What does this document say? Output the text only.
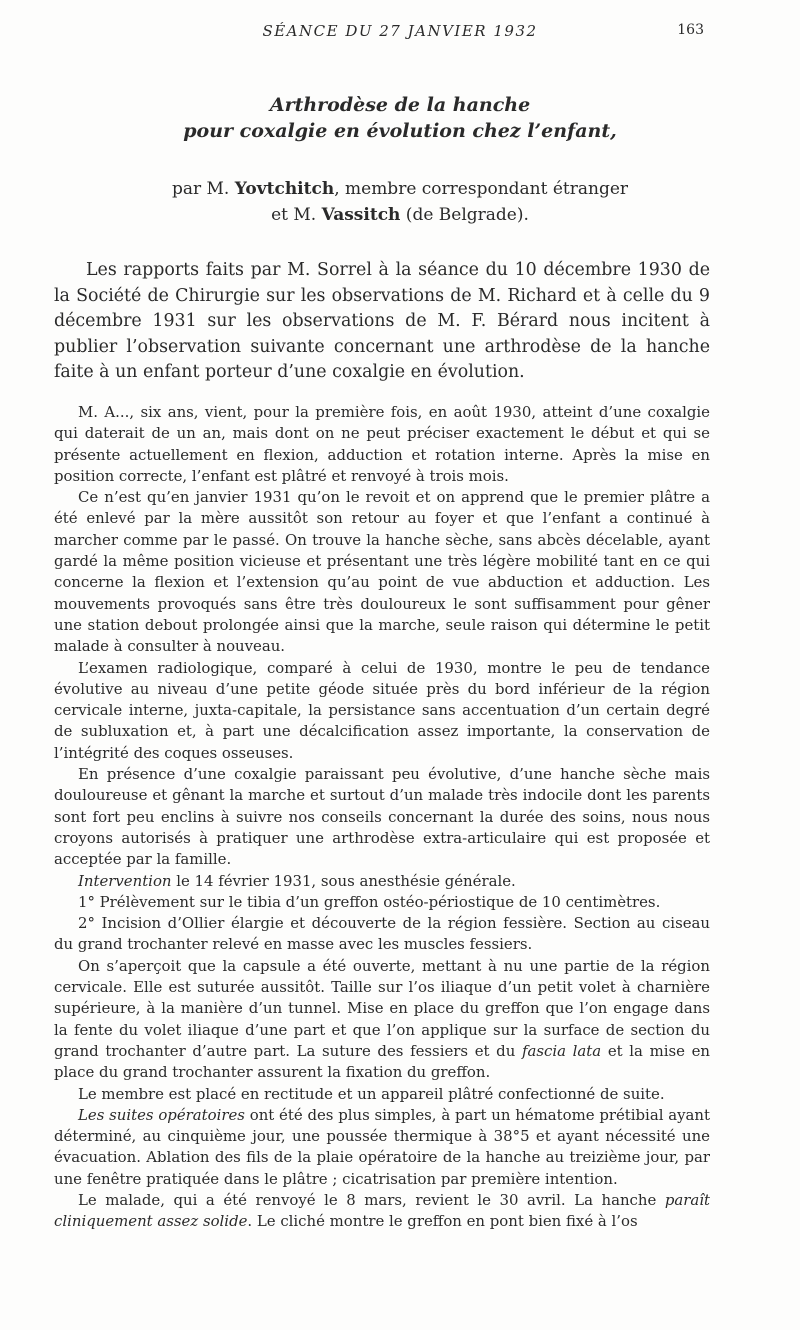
SÉANCE DU 27 JANVIER 1932	163
Arthrodèse de la hanche
pour coxalgie en évolution chez l’enfant,
par M. Yovtchitch, membre correspondant étranger
et M. Vassitch (de Belgrade).

Les rapports faits par M. Sorrel à la séance du 10 décembre 1930 de la Société de Chirurgie sur les observations de M. Richard et à celle du 9 décembre 1931 sur les observations de M. F. Bérard nous incitent à publier l’observation suivante concernant une arthrodèse de la hanche faite à un enfant porteur d’une coxalgie en évolution.

M. A..., six ans, vient, pour la première fois, en août 1930, atteint d’une coxalgie qui daterait de un an, mais dont on ne peut préciser exactement le début et qui se présente actuellement en flexion, adduction et rotation interne. Après la mise en position correcte, l’enfant est plâtré et renvoyé à trois mois.

Ce n’est qu’en janvier 1931 qu’on le revoit et on apprend que le premier plâtre a été enlevé par la mère aussitôt son retour au foyer et que l’enfant a continué à marcher comme par le passé. On trouve la hanche sèche, sans abcès décelable, ayant gardé la même position vicieuse et présentant une très légère mobilité tant en ce qui concerne la flexion et l’extension qu’au point de vue abduction et adduction. Les mouvements provoqués sans être très douloureux le sont suffisamment pour gêner une station debout prolongée ainsi que la marche, seule raison qui détermine le petit malade à consulter à nouveau.

L’examen radiologique, comparé à celui de 1930, montre le peu de tendance évolutive au niveau d’une petite géode située près du bord inférieur de la région cervicale interne, juxta-capitale, la persistance sans accentuation d’un certain degré de subluxation et, à part une décalcification assez importante, la conservation de l’intégrité des coques osseuses.

En présence d’une coxalgie paraissant peu évolutive, d’une hanche sèche mais douloureuse et gênant la marche et surtout d’un malade très indocile dont les parents sont fort peu enclins à suivre nos conseils concernant la durée des soins, nous nous croyons autorisés à pratiquer une arthrodèse extra-articulaire qui est proposée et acceptée par la famille.

Intervention le 14 février 1931, sous anesthésie générale.

1° Prélèvement sur le tibia d’un greffon ostéo-périostique de 10 centimètres.

2° Incision d’Ollier élargie et découverte de la région fessière. Section au ciseau du grand trochanter relevé en masse avec les muscles fessiers.

On s’aperçoit que la capsule a été ouverte, mettant à nu une partie de la région cervicale. Elle est suturée aussitôt. Taille sur l’os iliaque d’un petit volet à charnière supérieure, à la manière d’un tunnel. Mise en place du greffon que l’on engage dans la fente du volet iliaque d’une part et que l’on applique sur la surface de section du grand trochanter d’autre part. La suture des fessiers et du fascia lata et la mise en place du grand trochanter assurent la fixation du greffon.

Le membre est placé en rectitude et un appareil plâtré confectionné de suite.

Les suites opératoires ont été des plus simples, à part un hématome prétibial ayant déterminé, au cinquième jour, une poussée thermique à 38°5 et ayant nécessité une évacuation. Ablation des fils de la plaie opératoire de la hanche au treizième jour, par une fenêtre pratiquée dans le plâtre ; cicatrisation par première intention.

Le malade, qui a été renvoyé le 8 mars, revient le 30 avril. La hanche paraît cliniquement assez solide. Le cliché montre le greffon en pont bien fixé à l’os
